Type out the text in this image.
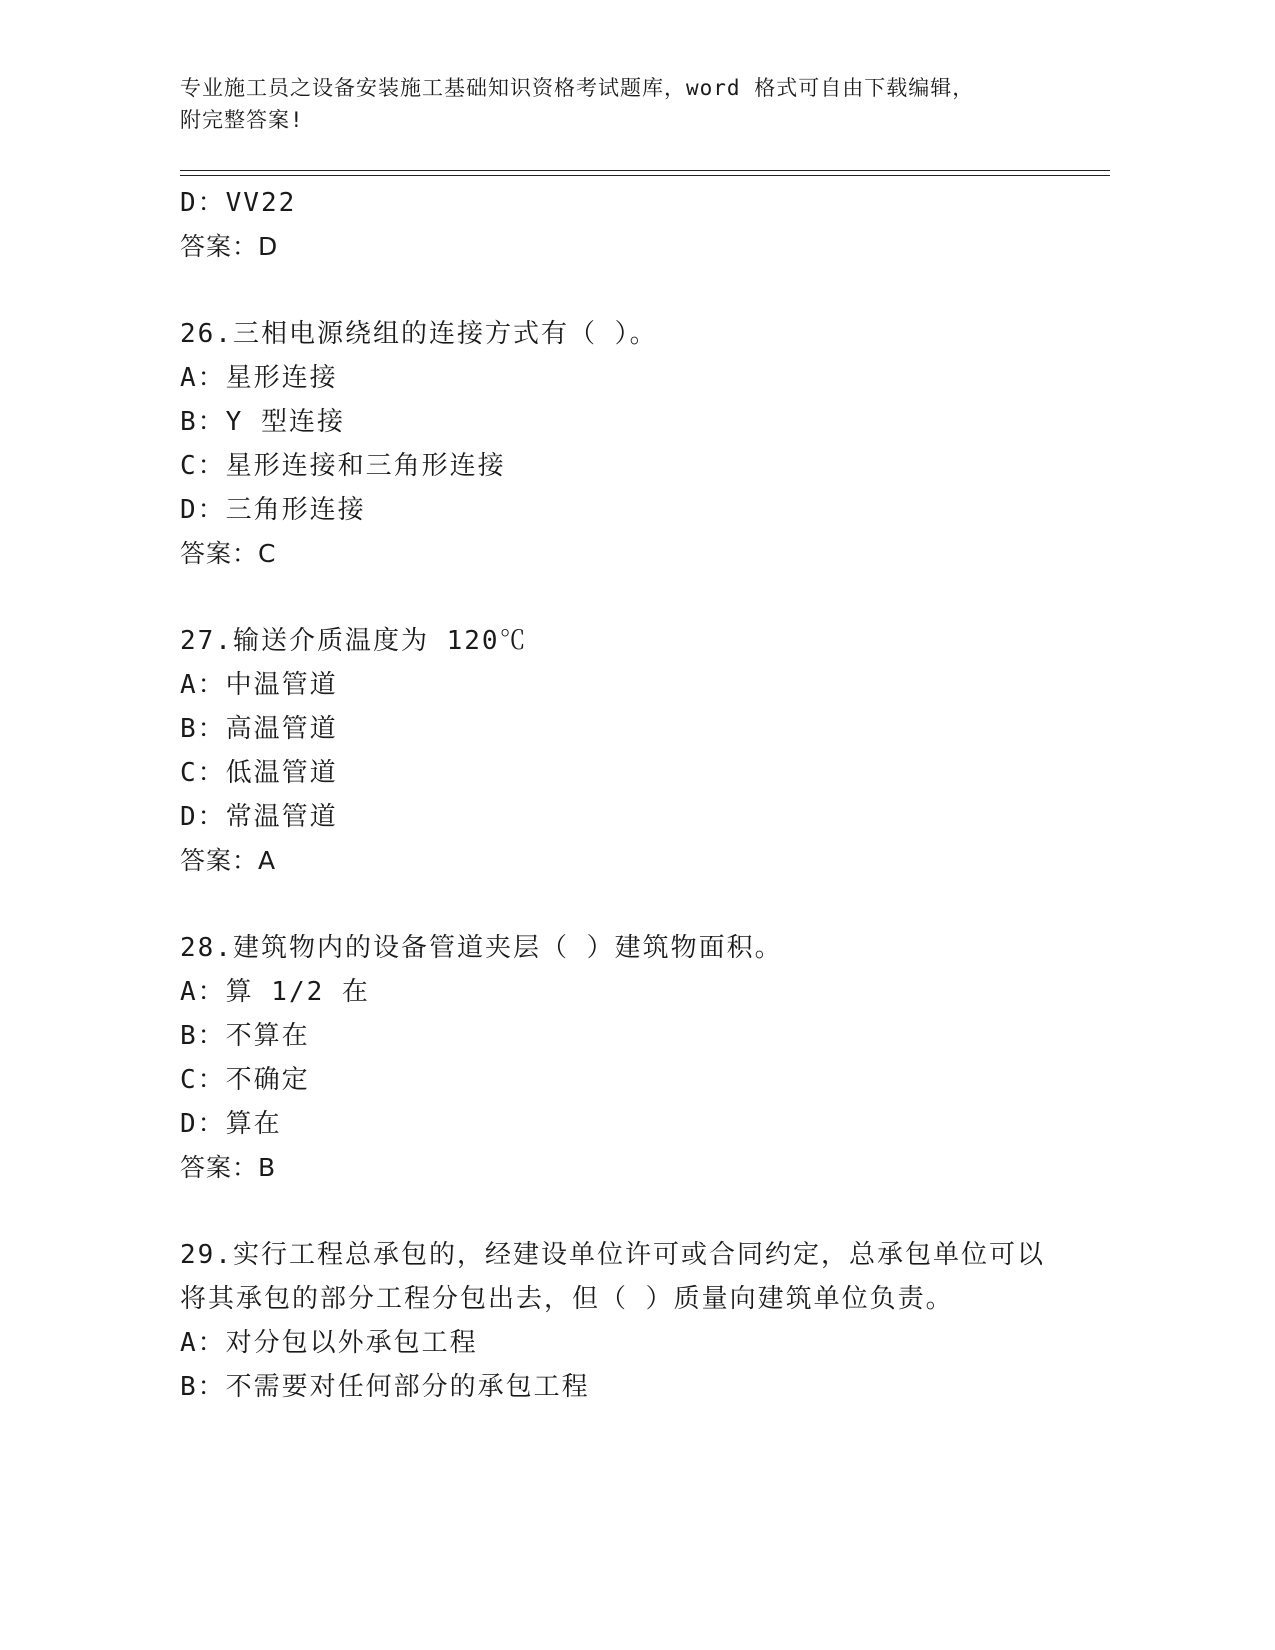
专业施工员之设备安装施工基础知识资格考试题库，word 格式可自由下载编辑，
附完整答案!
D：VV22
答案：D
26.三相电源绕组的连接方式有（ ）。
A：星形连接
B：Y 型连接
C：星形连接和三角形连接
D：三角形连接
答案：C
27.输送介质温度为 120℃
A：中温管道
B：高温管道
C：低温管道
D：常温管道
答案：A
28.建筑物内的设备管道夹层（ ）建筑物面积。
A：算 1/2 在
B：不算在
C：不确定
D：算在
答案：B
29.实行工程总承包的，经建设单位许可或合同约定，总承包单位可以
将其承包的部分工程分包出去，但（ ）质量向建筑单位负责。
A：对分包以外承包工程
B：不需要对任何部分的承包工程
